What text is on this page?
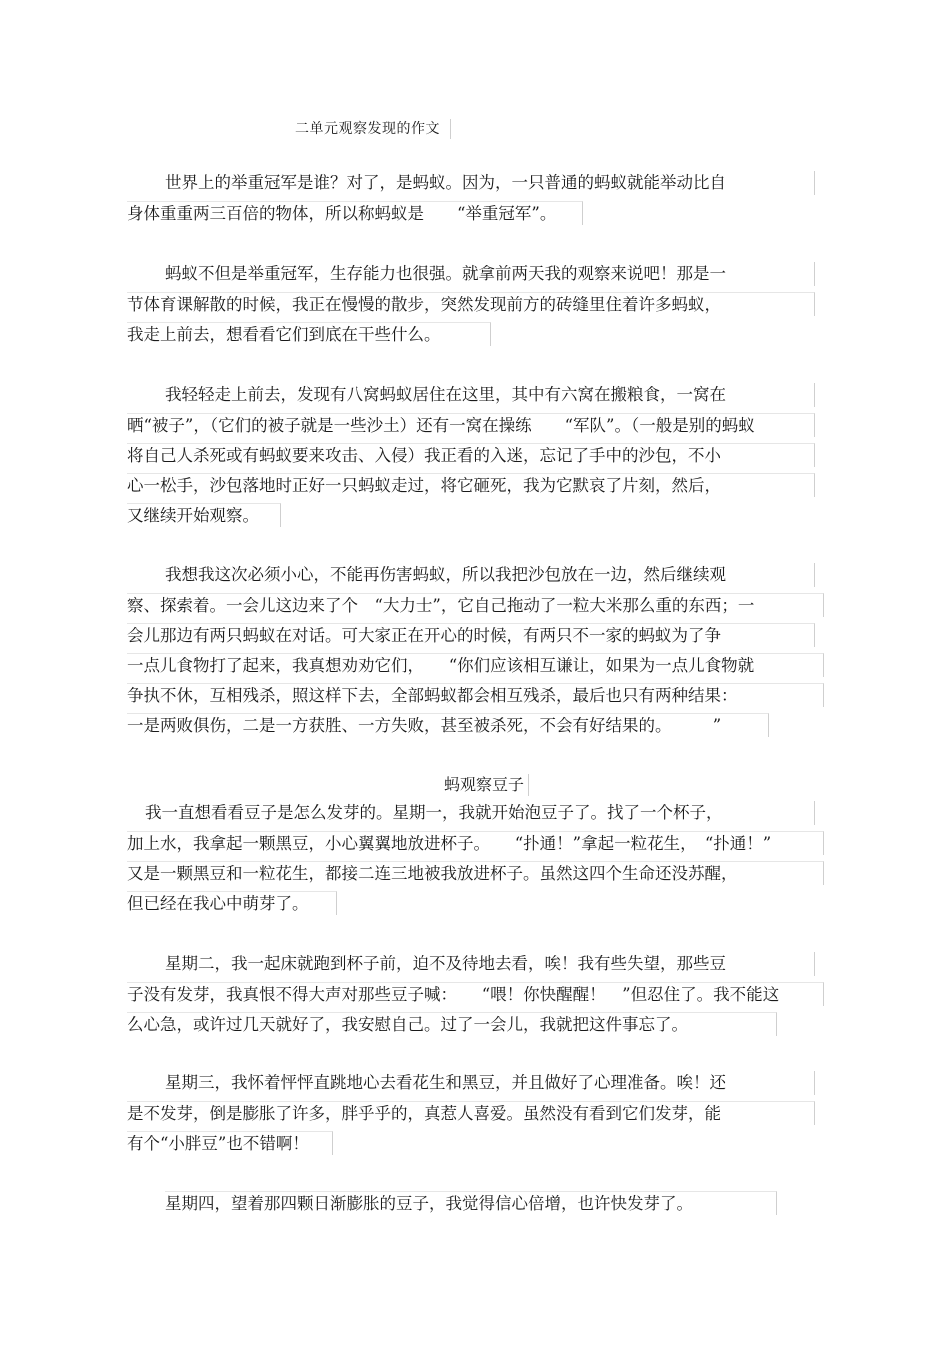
二单元观察发现的作文
世界上的举重冠军是谁？对了，是蚂蚁。因为，一只普通的蚂蚁就能举动比自
身体重重两三百倍的物体，所以称蚂蚁是　　“举重冠军”。
蚂蚁不但是举重冠军，生存能力也很强。就拿前两天我的观察来说吧！那是一
节体育课解散的时候，我正在慢慢的散步，突然发现前方的砖缝里住着许多蚂蚁，
我走上前去，想看看它们到底在干些什么。
我轻轻走上前去，发现有八窝蚂蚁居住在这里，其中有六窝在搬粮食，一窝在
晒“被子”，（它们的被子就是一些沙土）还有一窝在操练　　“军队”。（一般是别的蚂蚁
将自己人杀死或有蚂蚁要来攻击、入侵）我正看的入迷，忘记了手中的沙包，不小
心一松手，沙包落地时正好一只蚂蚁走过，将它砸死，我为它默哀了片刻，然后，
又继续开始观察。
我想我这次必须小心，不能再伤害蚂蚁，所以我把沙包放在一边，然后继续观
察、探索着。一会儿这边来了个　“大力士”，它自己拖动了一粒大米那么重的东西；一
会儿那边有两只蚂蚁在对话。可大家正在开心的时候，有两只不一家的蚂蚁为了争
一点儿食物打了起来，我真想劝劝它们，　　“你们应该相互谦让，如果为一点儿食物就
争执不休，互相残杀，照这样下去，全部蚂蚁都会相互残杀，最后也只有两种结果：
一是两败俱伤，二是一方获胜、一方失败，甚至被杀死，不会有好结果的。　　　”
蚂观察豆子
我一直想看看豆子是怎么发芽的。星期一，我就开始泡豆子了。找了一个杯子，
加上水，我拿起一颗黑豆，小心翼翼地放进杯子。　　“扑通！”拿起一粒花生，　“扑通！”
又是一颗黑豆和一粒花生，都接二连三地被我放进杯子。虽然这四个生命还没苏醒，
但已经在我心中萌芽了。
星期二，我一起床就跑到杯子前，迫不及待地去看，唉！我有些失望，那些豆
子没有发芽，我真恨不得大声对那些豆子喊：　　“喂！你快醒醒！　”但忍住了。我不能这
么心急，或许过几天就好了，我安慰自己。过了一会儿，我就把这件事忘了。
星期三，我怀着怦怦直跳地心去看花生和黑豆，并且做好了心理准备。唉！还
是不发芽，倒是膨胀了许多，胖乎乎的，真惹人喜爱。虽然没有看到它们发芽，能
有个“小胖豆”也不错啊！
星期四，望着那四颗日渐膨胀的豆子，我觉得信心倍增，也许快发芽了。
